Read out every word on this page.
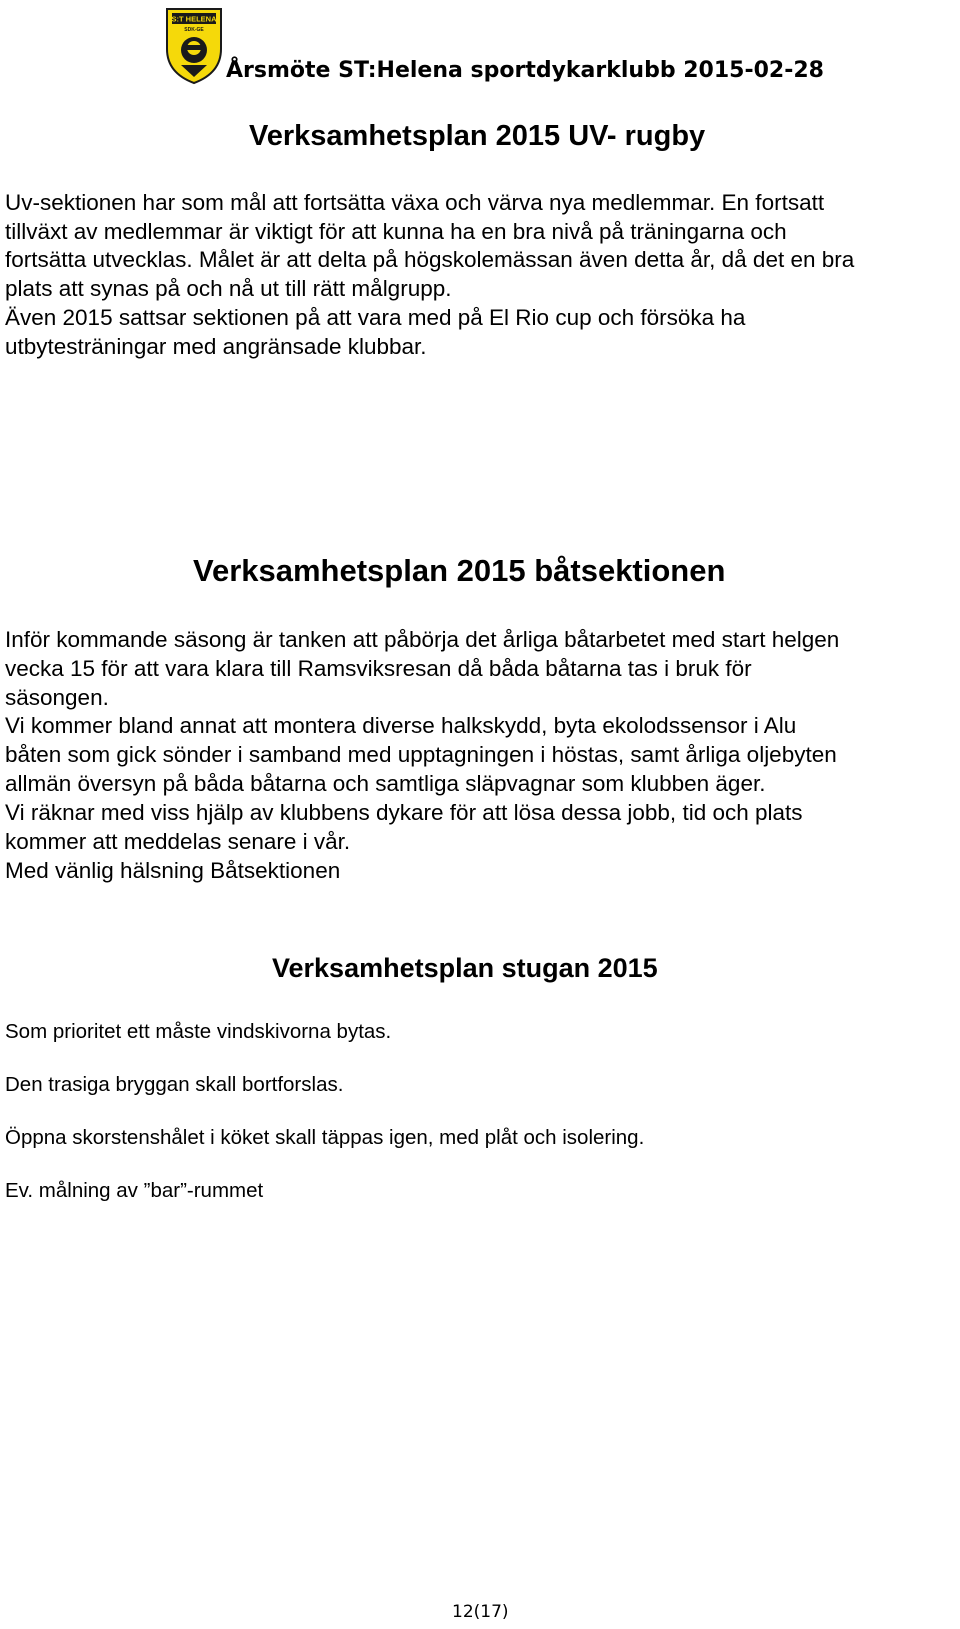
S:T HELENA
SDK-GE
Årsmöte ST:Helena sportdykarklubb 2015-02-28
Verksamhetsplan 2015 UV- rugby

Uv-sektionen har som mål att fortsätta växa och värva nya medlemmar. En fortsatt
tillväxt av medlemmar är viktigt för att kunna ha en bra nivå på träningarna och
fortsätta utvecklas. Målet är att delta på högskolemässan även detta år, då det en bra
plats att synas på och nå ut till rätt målgrupp.

Även 2015 sattsar sektionen på att vara med på El Rio cup och försöka ha
utbytesträningar med angränsade klubbar.

Verksamhetsplan 2015 båtsektionen

Inför kommande säsong är tanken att påbörja det årliga båtarbetet med start helgen
vecka 15 för att vara klara till Ramsviksresan då båda båtarna tas i bruk för
säsongen.

Vi kommer bland annat att montera diverse halkskydd, byta ekolodssensor i Alu
båten som gick sönder i samband med upptagningen i höstas, samt årliga oljebyten
allmän översyn på båda båtarna och samtliga släpvagnar som klubben äger.

Vi räknar med viss hjälp av klubbens dykare för att lösa dessa jobb, tid och plats
kommer att meddelas senare i vår.
Med vänlig hälsning Båtsektionen

Verksamhetsplan stugan 2015

Som prioritet ett måste vindskivorna bytas.

Den trasiga bryggan skall bortforslas.

Öppna skorstenshålet i köket skall täppas igen, med plåt och isolering.

Ev. målning av ”bar”-rummet

12(17)
